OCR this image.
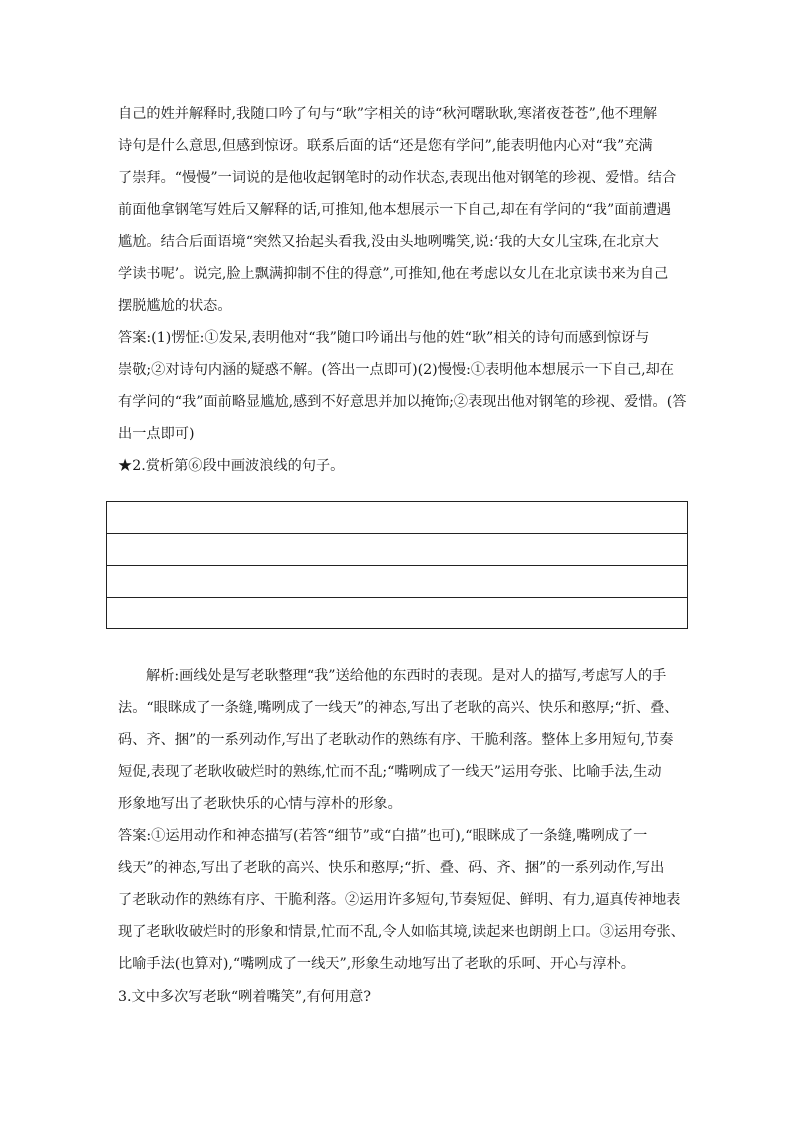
自己的姓并解释时,我随口吟了句与“耿”字相关的诗“秋河曙耿耿,寒渚夜苍苍”,他不理解
诗句是什么意思,但感到惊讶。联系后面的话“还是您有学问”,能表明他内心对“我”充满
了崇拜。“慢慢”一词说的是他收起钢笔时的动作状态,表现出他对钢笔的珍视、爱惜。结合
前面他拿钢笔写姓后又解释的话,可推知,他本想展示一下自己,却在有学问的“我”面前遭遇
尴尬。结合后面语境“突然又抬起头看我,没由头地咧嘴笑,说:‘我的大女儿宝珠,在北京大
学读书呢’。说完,脸上飘满抑制不住的得意”,可推知,他在考虑以女儿在北京读书来为自己
摆脱尴尬的状态。
答案:(1)愣怔:①发呆,表明他对“我”随口吟诵出与他的姓“耿”相关的诗句而感到惊讶与
崇敬;②对诗句内涵的疑惑不解。(答出一点即可)(2)慢慢:①表明他本想展示一下自己,却在
有学问的“我”面前略显尴尬,感到不好意思并加以掩饰;②表现出他对钢笔的珍视、爱惜。(答
出一点即可)
★2.赏析第⑥段中画波浪线的句子。
解析:画线处是写老耿整理“我”送给他的东西时的表现。是对人的描写,考虑写人的手
法。“眼眯成了一条缝,嘴咧成了一线天”的神态,写出了老耿的高兴、快乐和憨厚;“折、叠、
码、齐、捆”的一系列动作,写出了老耿动作的熟练有序、干脆利落。整体上多用短句,节奏
短促,表现了老耿收破烂时的熟练,忙而不乱;“嘴咧成了一线天”运用夸张、比喻手法,生动
形象地写出了老耿快乐的心情与淳朴的形象。
答案:①运用动作和神态描写(若答“细节”或“白描”也可),“眼眯成了一条缝,嘴咧成了一
线天”的神态,写出了老耿的高兴、快乐和憨厚;“折、叠、码、齐、捆”的一系列动作,写出
了老耿动作的熟练有序、干脆利落。②运用许多短句,节奏短促、鲜明、有力,逼真传神地表
现了老耿收破烂时的形象和情景,忙而不乱,令人如临其境,读起来也朗朗上口。③运用夸张、
比喻手法(也算对),“嘴咧成了一线天”,形象生动地写出了老耿的乐呵、开心与淳朴。
3.文中多次写老耿“咧着嘴笑”,有何用意?
